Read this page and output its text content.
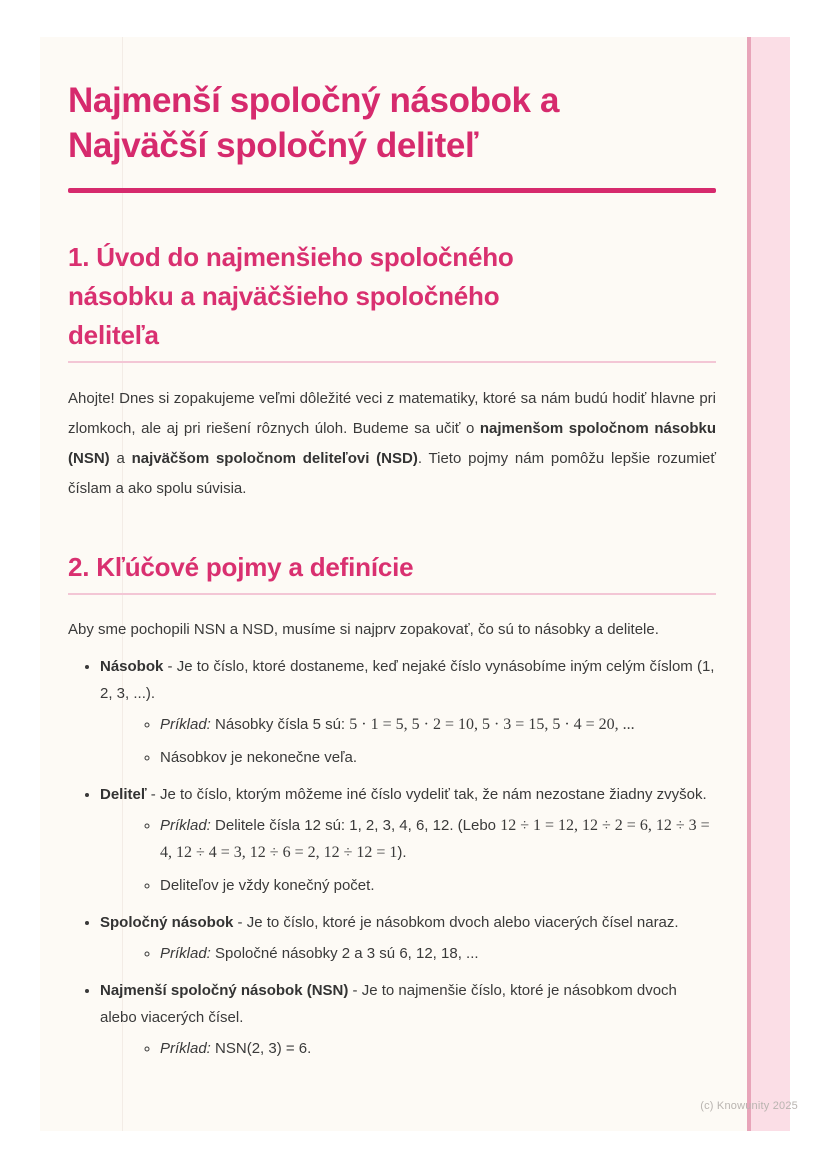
Najmenší spoločný násobok a
Najväčší spoločný deliteľ
1. Úvod do najmenšieho spoločného
násobku a najväčšieho spoločného
deliteľa

Ahojte! Dnes si zopakujeme veľmi dôležité veci z matematiky, ktoré sa nám budú hodiť hlavne pri zlomkoch, ale aj pri riešení rôznych úloh. Budeme sa učiť o najmenšom spoločnom násobku (NSN) a najväčšom spoločnom deliteľovi (NSD). Tieto pojmy nám pomôžu lepšie rozumieť číslam a ako spolu súvisia.

2. Kľúčové pojmy a definície

Aby sme pochopili NSN a NSD, musíme si najprv zopakovať, čo sú to násobky a delitele.

• Násobok - Je to číslo, ktoré dostaneme, keď nejaké číslo vynásobíme iným celým číslom (1, 2, 3, ...).
◦ Príklad: Násobky čísla 5 sú: 5 · 1 = 5, 5 · 2 = 10, 5 · 3 = 15, 5 · 4 = 20, ...
◦ Násobkov je nekonečne veľa.
• Deliteľ - Je to číslo, ktorým môžeme iné číslo vydeliť tak, že nám nezostane žiadny zvyšok.
◦ Príklad: Delitele čísla 12 sú: 1, 2, 3, 4, 6, 12. (Lebo 12 ÷ 1 = 12, 12 ÷ 2 = 6, 12 ÷ 3 = 4, 12 ÷ 4 = 3, 12 ÷ 6 = 2, 12 ÷ 12 = 1).
◦ Deliteľov je vždy konečný počet.
• Spoločný násobok - Je to číslo, ktoré je násobkom dvoch alebo viacerých čísel naraz.
◦ Príklad: Spoločné násobky 2 a 3 sú 6, 12, 18, ...
• Najmenší spoločný násobok (NSN) - Je to najmenšie číslo, ktoré je násobkom dvoch alebo viacerých čísel.
◦ Príklad: NSN(2, 3) = 6.
(c) Knowunity 2025
